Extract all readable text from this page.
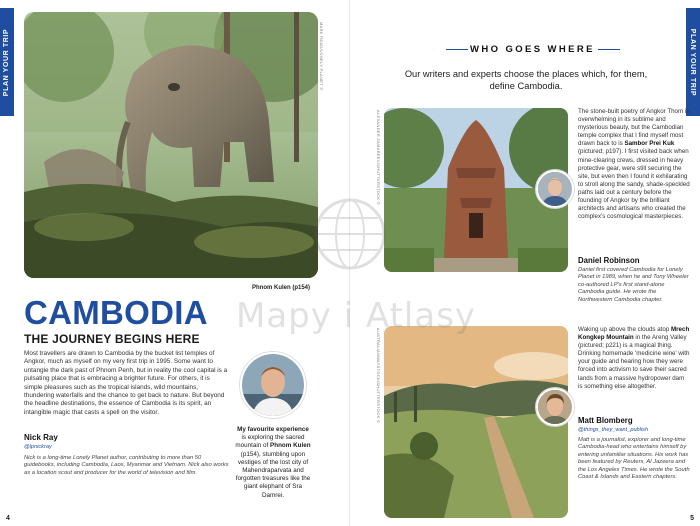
PLAN YOUR TRIP	MARK READ/LONELY PLANET ©
Phnom Kulen (p154)
CAMBODIA
THE JOURNEY BEGINS HERE
Most travellers are drawn to Cambodia by the bucket list temples of Angkor, much as myself on my very first trip in 1995. Some want to untangle the dark past of Phnom Penh, but in reality the cool capital is a pulsating place that is embracing a brighter future. For others, it is simple pleasures such as the tropical islands, wild mountains, thundering waterfalls and the chance to get back to nature. But beyond the headline destinations, the essence of Cambodia is its spirit, an intangible magic that casts a spell on the visitor.
Nick Ray
@lpnickray
Nick is a long-time Lonely Planet author, contributing to more than 50 guidebooks, including Cambodia, Laos, Myanmar and Vietnam. Nick also works as a location scout and producer for the world of television and film.
My favourite experience is exploring the sacred mountain of Phnom Kulen (p154), stumbling upon vestiges of the lost city of Mahendraparvata and forgotten treasures like the giant elephant of Sra Damrei.
4
PLAN YOUR TRIP
WHO GOES WHERE
Our writers and experts choose the places which, for them, define Cambodia.
ALEXANDER ZAMAREEV/SHUTTERSTOCK ©	The stone-built poetry of Angkor Thom is overwhelming in its sublime and mysterious beauty, but the Cambodian temple complex that I find myself most drawn back to is Sambor Prei Kuk (pictured; p197). I first visited back when mine-clearing crews, dressed in heavy protective gear, were still securing the site, but even then I found it exhilarating to stroll along the sandy, shade-speckled paths laid out a century before the founding of Angkor by the brilliant architects and artisans who created the complex's cosmological masterpieces.
Daniel Robinson
Daniel first covered Cambodia for Lonely Planet in 1989, when he and Tony Wheeler co-authored LP's first stand-alone Cambodia guide. He wrote the Northwestern Cambodia chapter.
AUSTRALIANWAYSTOCK/SHUTTERSTOCK ©	Waking up above the clouds atop Mrech Kongkep Mountain in the Areng Valley (pictured; p221) is a magical thing. Drinking homemade 'medicine wine' with your guide and hearing how they were forced into activism to save their sacred lands from a massive hydropower dam is something else altogether.
Matt Blomberg
@things_they_want_publish
Matt is a journalist, explorer and long-time Cambodia-head who entertains himself by entering unfamiliar situations. His work has been featured by Reuters, Al Jazeera and the Los Angeles Times. He wrote the South Coast & Islands and Eastern chapters.
5
Mapy i Atlasy
